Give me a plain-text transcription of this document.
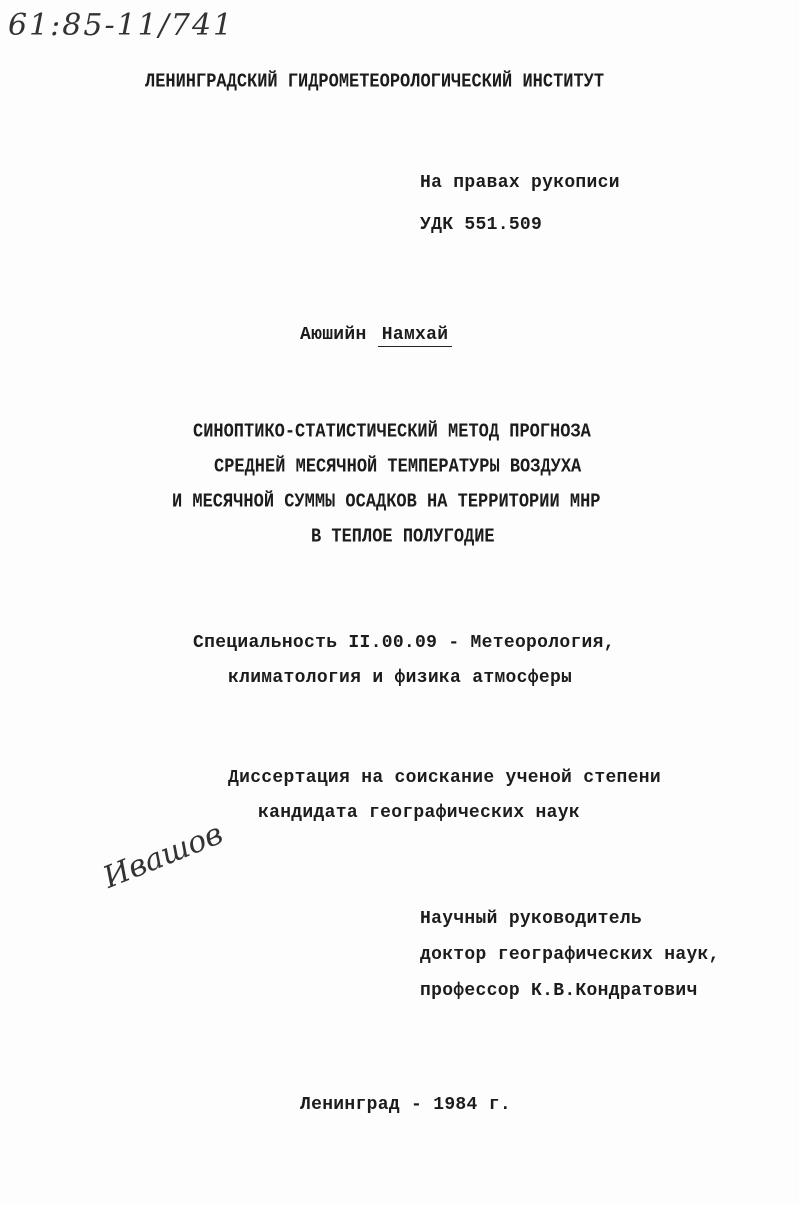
61:85-11/741
ЛЕНИНГРАДСКИЙ ГИДРОМЕТЕОРОЛОГИЧЕСКИЙ ИНСТИТУТ
На правах рукописи
УДК 551.509
Аюшийн Намхай
СИНОПТИКО-СТАТИСТИЧЕСКИЙ МЕТОД ПРОГНОЗА
СРЕДНЕЙ МЕСЯЧНОЙ ТЕМПЕРАТУРЫ ВОЗДУХА
И МЕСЯЧНОЙ СУММЫ ОСАДКОВ НА ТЕРРИТОРИИ МНР
В ТЕПЛОЕ ПОЛУГОДИЕ
Специальность II.00.09 - Метеорология,
климатология и физика атмосферы
Диссертация на соискание ученой степени
кандидата географических наук
Ивашов
Научный руководитель
доктор географических наук,
профессор К.В.Кондратович
Ленинград - 1984 г.
